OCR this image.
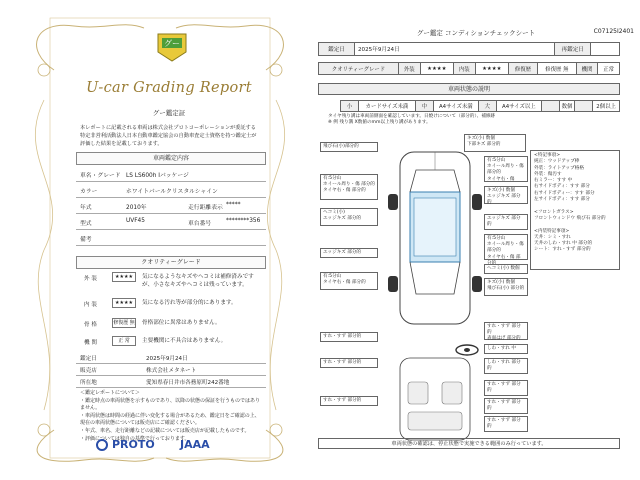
グー
U-car Grading Report
グー鑑定証
本レポートに記載される車両は株式会社プロトコーポレーションが委託する特定非営利活動法人日本自動車鑑定協会の自動車査定士資格を持つ鑑定士が評価した結果を記載しております。
車両鑑定内容
車名・グレード LS LS600h Iパッケージ
カラー	ホワイトパールクリスタルシャイン
年式	2010年	走行距離表示 *****
型式	UVF45	車台番号	********356
備考
クオリティーグレード
外 装	★★★★	気になるようなキズやヘコミは補修済みですが、小さなキズやヘコミは残っています。
内 装	★★★★	気になる汚れ等が部分的にあります。
骨 格	修復歴 無 骨格部位に異常はありません。
機 関	正 常	主要機関に不具合はありません。
＜鑑定レポートについて＞
・鑑定時点の車両状態を示すものであり、以降の状態の保証を行うものではありません。
・車両状態は時間の経過に伴い変化する場合があるため、鑑定日をご確認の上、現在の車両状態については販売店にご確認ください。
・年式、車名、走行距離などの記載については販売店が記載したものです。
・評価については独自の基準で行っております。
鑑定日	2025年9月24日
販売店	株式会社メタネート
所在地	愛知県春日井市各務原町242番地
PROTO JAAA
グー鑑定 コンディションチェックシート	C07125I2401
鑑定日	2025年9月24日	再鑑定日	
クオリティーグレード	外装	★★★★	内装	★★★★	修復歴	修復歴 無	機関	正常
車両状態の説明
小	カードサイズ未満	中	A4サイズ未満	大	A4サイズ以上		数個		2個以上
タイヤ残り溝は車両前側面を確認しています。日焼けについて（部分的）、補修跡
※ 例 残り溝 X数値のmm以上残り溝があります。
飛び石(小)部分的
有:5分山
ホイール周り・傷 部分的
タイヤ右・傷 部分的
ヘコミ(小)
エッジキズ 部分的
エッジキズ 部分的
有:5分山
タイヤ右・傷 部分的
キズ(小) 数個
下部キズ 部分的
有:5分山
ホイール周り・傷 部分的
タイヤ右・傷
キズ(小) 数個
エッジキズ 部分的
エッジキズ 部分的
有:5分山
ホイール周り・傷 部分的
タイヤ右・傷 部
へコミ(小) 数個
キズ(小) 数個
飛び石(小) 部分的
<特記事項>
純正：ウッドアップ棒
外装：ライトアップ格格
外装：傷汚す
右ミラー：すす 中
右サイドボディ：すす 部分
右サイドボディー：すす 部分
左サイドボディ：すす 部分

<フロントガラス>
フロントウィンドウ 飛び石 部分的

<内装特記事項>
天井：シミ・すれ
天井のしわ・すれ 中 部分的
シート：すれ・すず 部分的
すれ・すず 部分的
すれ・すず 部分的
すれ・すず 部分的
すれ・すず 部分的
表面はげ 部分的
しわ・すれ 中
しわ・すれ 部分的
すれ・すず 部分的
すれ・すず 部分的
すれ・すず 部分的
車両状態の確認は、停止状態で実施できる範囲のみ行っています。
